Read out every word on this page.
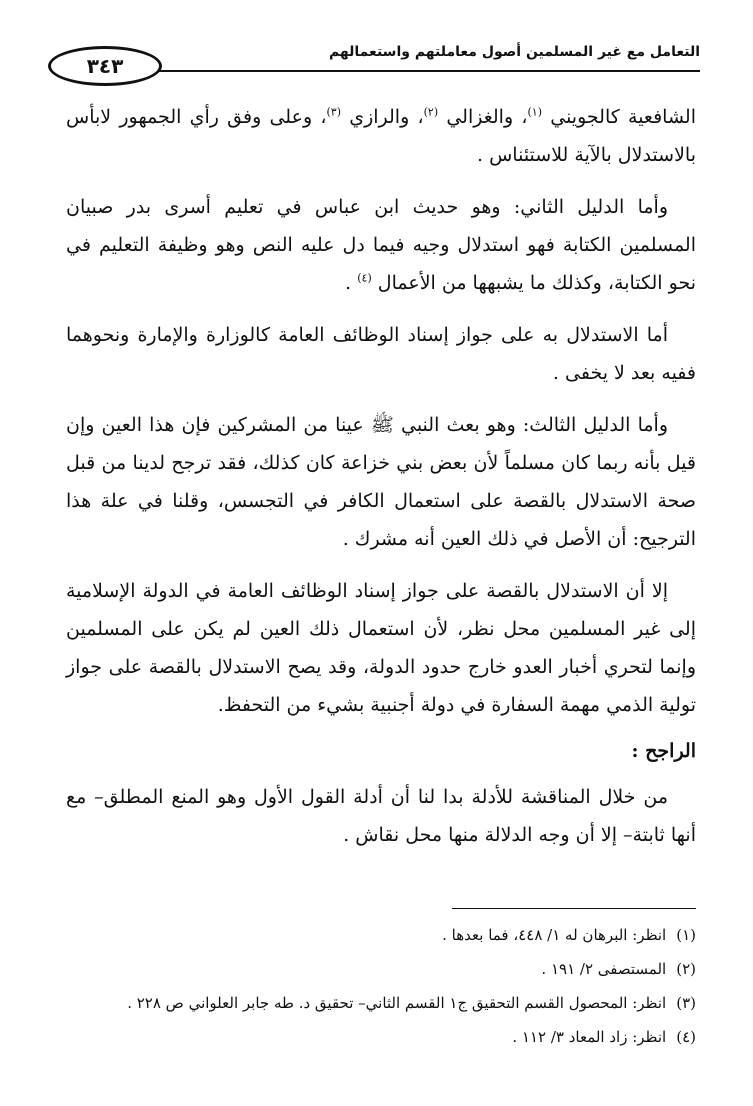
٣٤٣
التعامل مع غير المسلمين أصول معاملتهم واستعمالهم

الشافعية كالجويني $^{(١)}$، والغزالي $^{(٢)}$، والرازي $^{(٣)}$، وعلى وفق رأي الجمهور لابأس بالاستدلال بالآية للاستئناس .

وأما الدليل الثاني: وهو حديث ابن عباس في تعليم أسرى بدر صبيان المسلمين الكتابة فهو استدلال وجيه فيما دل عليه النص وهو وظيفة التعليم في نحو الكتابة، وكذلك ما يشبهها من الأعمال $^{(٤)}$ .

أما الاستدلال به على جواز إسناد الوظائف العامة كالوزارة والإمارة ونحوهما ففيه بعد لا يخفى .

وأما الدليل الثالث: وهو بعث النبي ﷺ عينا من المشركين فإن هذا العين وإن قيل بأنه ربما كان مسلماً لأن بعض بني خزاعة كان كذلك، فقد ترجح لدينا من قبل صحة الاستدلال بالقصة على استعمال الكافر في التجسس، وقلنا في علة هذا الترجيح: أن الأصل في ذلك العين أنه مشرك .

إلا أن الاستدلال بالقصة على جواز إسناد الوظائف العامة في الدولة الإسلامية إلى غير المسلمين محل نظر، لأن استعمال ذلك العين لم يكن على المسلمين وإنما لتحري أخبار العدو خارج حدود الدولة، وقد يصح الاستدلال بالقصة على جواز تولية الذمي مهمة السفارة في دولة أجنبية بشيء من التحفظ.

الراجح :

من خلال المناقشة للأدلة بدا لنا أن أدلة القول الأول وهو المنع المطلق– مع أنها ثابتة– إلا أن وجه الدلالة منها محل نقاش .

(١)انظر: البرهان له ١/ ٤٤٨، فما بعدها .
(٢)المستصفى ٢/ ١٩١ .
(٣)انظر: المحصول القسم التحقيق ج١ القسم الثاني– تحقيق د. طه جابر العلواني ص ٢٢٨ .
(٤)انظر: زاد المعاد ٣/ ١١٢ .
